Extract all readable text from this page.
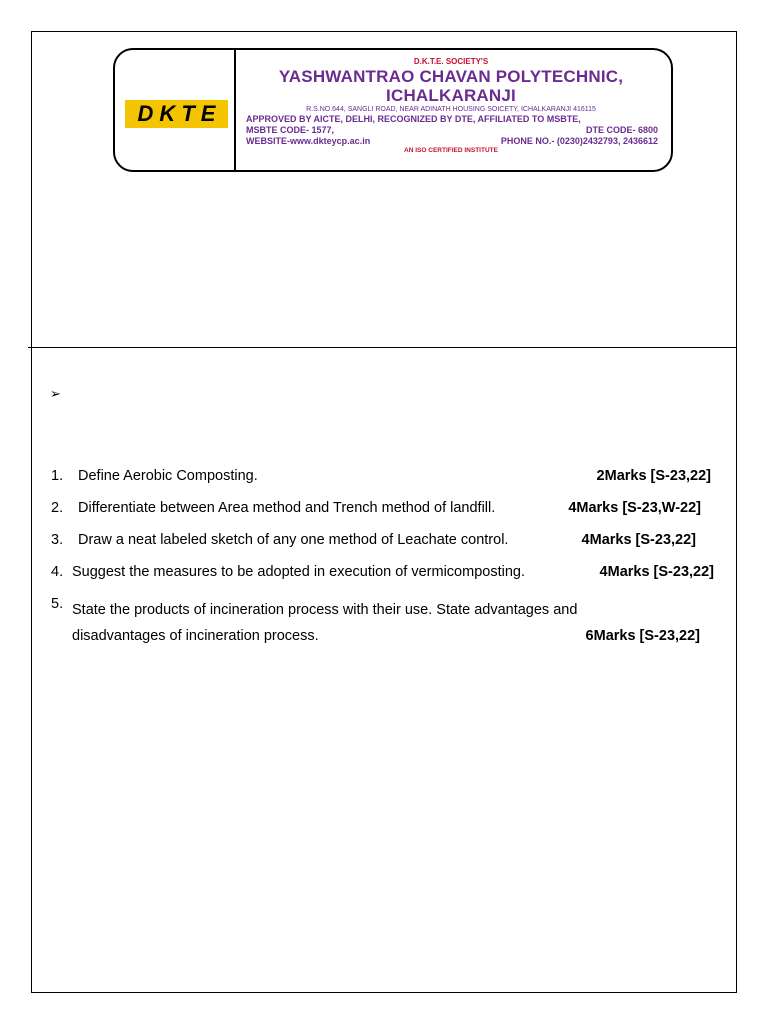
DKTE
D.K.T.E. SOCIETY'S
YASHWANTRAO CHAVAN POLYTECHNIC,
ICHALKARANJI
R.S.NO.644, SANGLI ROAD, NEAR ADINATH HOUSING SOICETY, ICHALKARANJI 416115
APPROVED BY AICTE, DELHI, RECOGNIZED BY DTE, AFFILIATED TO MSBTE,
MSBTE CODE- 1577,	DTE CODE- 6800
WEBSITE-www.dkteycp.ac.in	PHONE NO.- (0230)2432793, 2436612
AN ISO CERTIFIED INSTITUTE
➢
1. Define Aerobic Composting.	2Marks [S-23,22]
2. Differentiate between Area method and Trench method of landfill.	4Marks [S-23,W-22]
3. Draw a neat labeled sketch of any one method of Leachate control.	4Marks [S-23,22]
4. Suggest the measures to be adopted in execution of vermicomposting.	4Marks [S-23,22]
5. State the products of incineration process with their use. State advantages and
disadvantages of incineration process.	6Marks [S-23,22]
